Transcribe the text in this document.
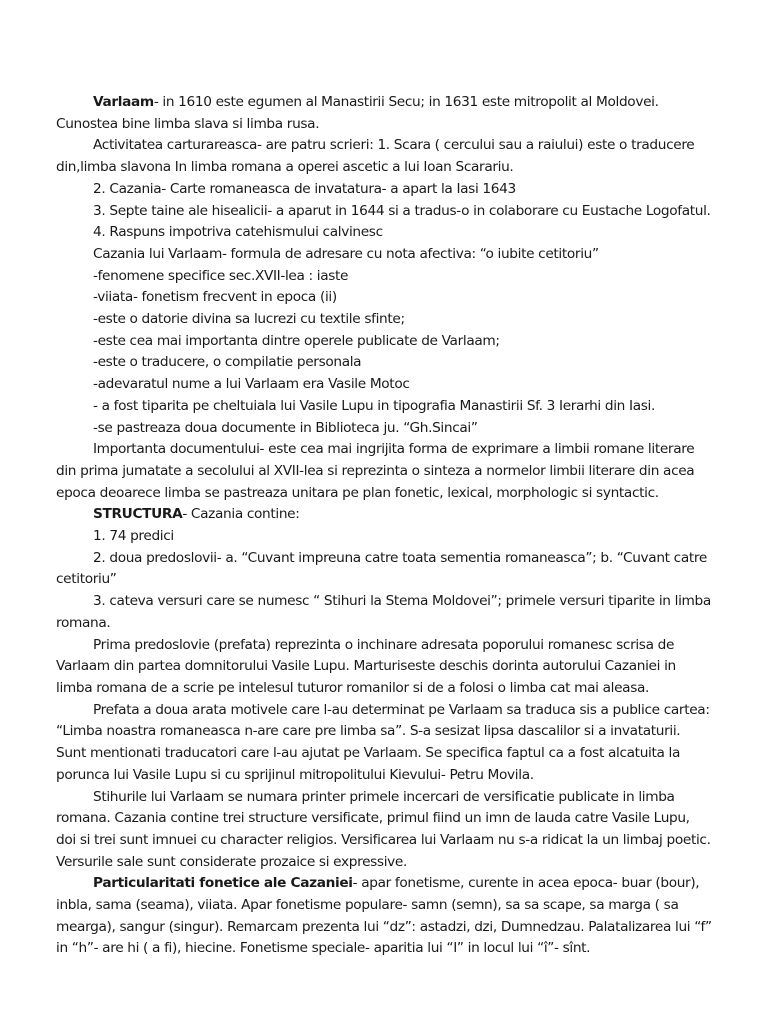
Varlaam- in 1610 este egumen al Manastirii Secu; in 1631 este mitropolit al Moldovei. Cunostea bine limba slava si limba rusa.

Activitatea carturareasca- are patru scrieri: 1. Scara ( cercului sau a raiului) este o traducere din,limba slavona In limba romana a operei ascetic a lui Ioan Scarariu.

2. Cazania- Carte romaneasca de invatatura- a apart la Iasi 1643

3. Septe taine ale hisealicii- a aparut in 1644 si a tradus-o in colaborare cu Eustache Logofatul.

4. Raspuns impotriva catehismului calvinesc

Cazania lui Varlaam- formula de adresare cu nota afectiva: “o iubite cetitoriu”

-fenomene specifice sec.XVII-lea : iaste

-viiata- fonetism frecvent in epoca (ii)

-este o datorie divina sa lucrezi cu textile sfinte;

-este cea mai importanta dintre operele publicate de Varlaam;

-este o traducere, o compilatie personala

-adevaratul nume a lui Varlaam era Vasile Motoc

- a fost tiparita pe cheltuiala lui Vasile Lupu in tipografia Manastirii Sf. 3 Ierarhi din Iasi.

-se pastreaza doua documente in Biblioteca ju. “Gh.Sincai”

Importanta documentului- este cea mai ingrijita forma de exprimare a limbii romane literare din prima jumatate a secolului al XVII-lea si reprezinta o sinteza a normelor limbii literare din acea epoca deoarece limba se pastreaza unitara pe plan fonetic, lexical, morphologic si syntactic.

STRUCTURA- Cazania contine:

1. 74 predici

2. doua predoslovii- a. “Cuvant impreuna catre toata sementia romaneasca”; b. “Cuvant catre cetitoriu”

3. cateva versuri care se numesc “ Stihuri la Stema Moldovei”; primele versuri tiparite in limba romana.

Prima predoslovie (prefata) reprezinta o inchinare adresata poporului romanesc scrisa de Varlaam din partea domnitorului Vasile Lupu. Marturiseste deschis dorinta autorului Cazaniei in limba romana de a scrie pe intelesul tuturor romanilor si de a folosi o limba cat mai aleasa.

Prefata a doua arata motivele care l-au determinat pe Varlaam sa traduca sis a publice cartea: “Limba noastra romaneasca n-are care pre limba sa”. S-a sesizat lipsa dascalilor si a invataturii. Sunt mentionati traducatori care l-au ajutat pe Varlaam. Se specifica faptul ca a fost alcatuita la porunca lui Vasile Lupu si cu sprijinul mitropolitului Kievului- Petru Movila.

Stihurile lui Varlaam se numara printer primele incercari de versificatie publicate in limba romana. Cazania contine trei structure versificate, primul fiind un imn de lauda catre Vasile Lupu, doi si trei sunt imnuei cu character religios. Versificarea lui Varlaam nu s-a ridicat la un limbaj poetic. Versurile sale sunt considerate prozaice si expressive.

Particularitati fonetice ale Cazaniei- apar fonetisme, curente in acea epoca- buar (bour), inbla, sama (seama), viiata. Apar fonetisme populare- samn (semn), sa sa scape, sa marga ( sa mearga), sangur (singur). Remarcam prezenta lui “dz”: astadzi, dzi, Dumnedzau. Palatalizarea lui “f” in “h”- are hi ( a fi), hiecine. Fonetisme speciale- aparitia lui “I” in locul lui “î”- sînt.
